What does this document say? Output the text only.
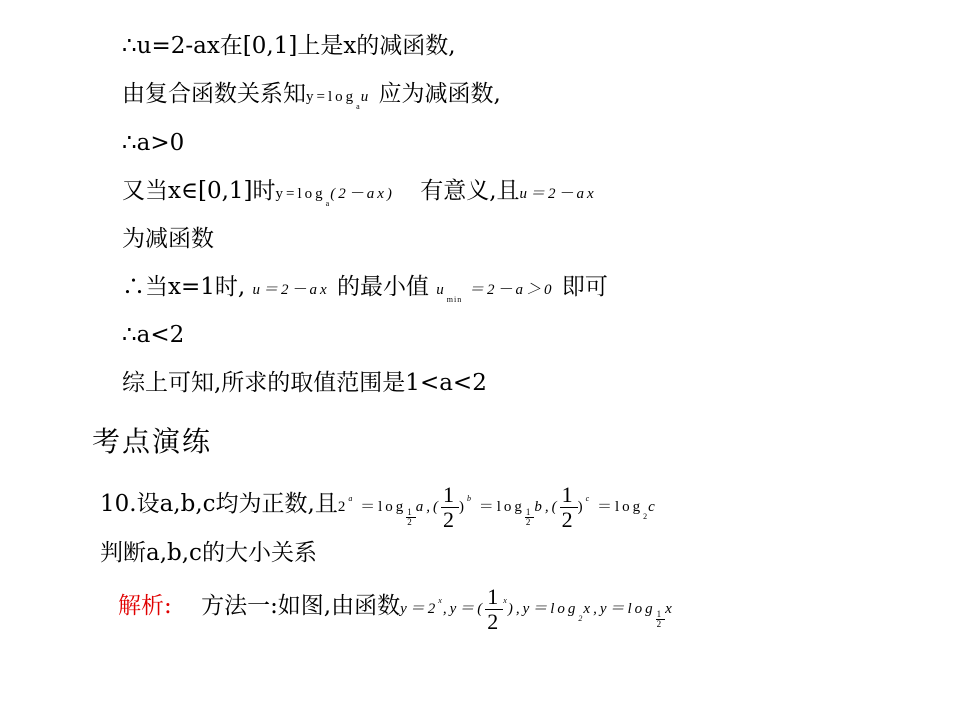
∴u=2-ax在[0,1]上是x的减函数,
由复合函数关系知$y=\log_au$ 应为减函数,
∴a>0
又当x∈[0,1]时$y=\log_a(2-ax)$ 有意义,且u＝2－ax
为减函数
∴当x=1时, u＝2－ax 的最小值 $u_{min} =2-a>0$ 即可
∴a<2
综上可知,所求的取值范围是1<a<2
考点演练
10.设a,b,c均为正数,且$2^a =\log$
$\frac{1}{2}$
$a,( \frac{1}{2} )^b =\log$
$\frac{1}{2}$
$b,( \frac{1}{2} )^c =\log_2c$
判断a,b,c的大小关系
解析: 方法一:如图,由函数$y=2^x,y=( \frac{1}{2} ^x),y=\log_2x,y=\log$
$\frac{1}{2}$
x
